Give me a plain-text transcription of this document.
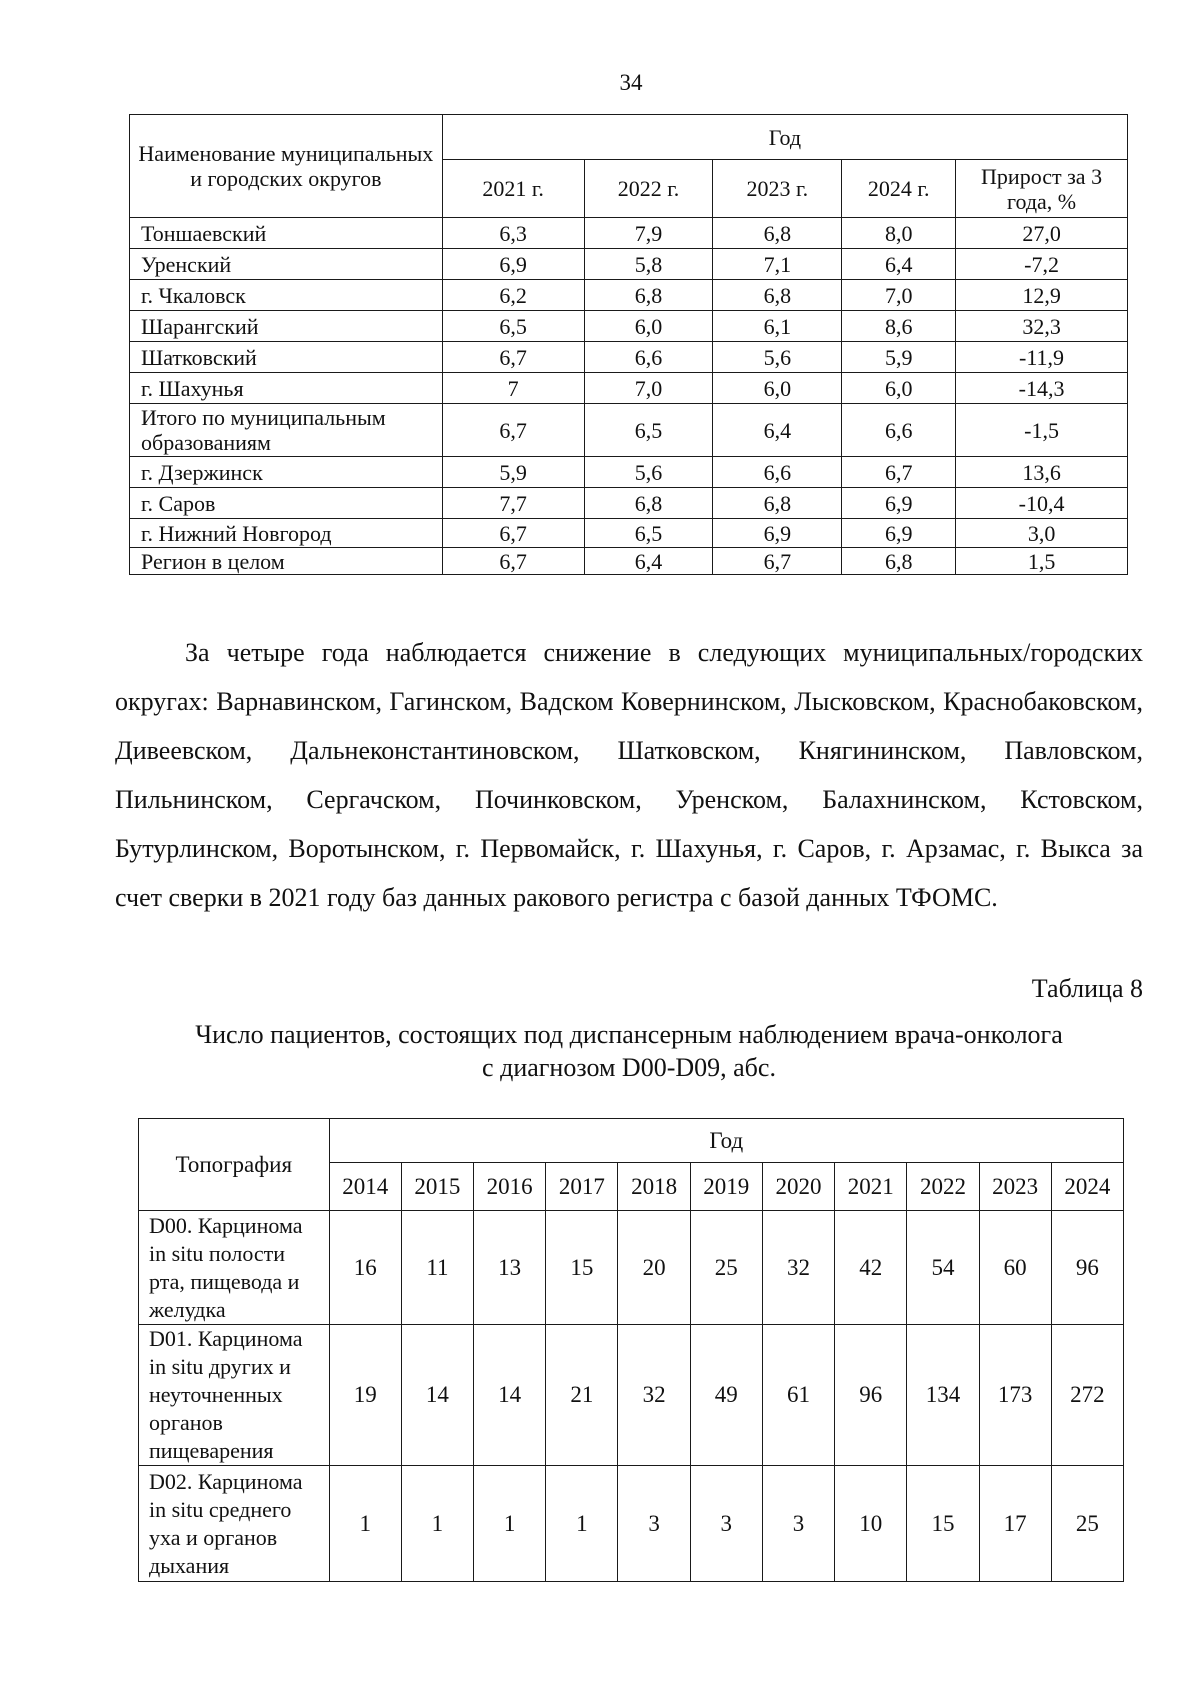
34
Наименование муниципальных и городских округов	Год				
	2021 г.	2022 г.	2023 г.	2024 г.	Прирост за 3 года, %
Тоншаевский	6,3	7,9	6,8	8,0	27,0
Уренский	6,9	5,8	7,1	6,4	-7,2
г. Чкаловск	6,2	6,8	6,8	7,0	12,9
Шарангский	6,5	6,0	6,1	8,6	32,3
Шатковский	6,7	6,6	5,6	5,9	-11,9
г. Шахунья	7	7,0	6,0	6,0	-14,3
Итого по муниципальным образованиям	6,7	6,5	6,4	6,6	-1,5
г. Дзержинск	5,9	5,6	6,6	6,7	13,6
г. Саров	7,7	6,8	6,8	6,9	-10,4
г. Нижний Новгород	6,7	6,5	6,9	6,9	3,0
Регион в целом	6,7	6,4	6,7	6,8	1,5

За четыре года наблюдается снижение в следующих муниципальных/городских округах: Варнавинском, Гагинском, Вадском Ковернинском, Лысковском, Краснобаковском, Дивеевском, Дальнеконстантиновском, Шатковском, Княгининском, Павловском, Пильнинском, Сергачском, Починковском, Уренском, Балахнинском, Кстовском, Бутурлинском, Воротынском, г. Первомайск, г. Шахунья, г. Саров, г. Арзамас, г. Выкса за счет сверки в 2021 году баз данных ракового регистра с базой данных ТФОМС.

Таблица 8
Число пациентов, состоящих под диспансерным наблюдением врача-онколога
с диагнозом D00-D09, абс.
Топография	Год										
	2014	2015	2016	2017	2018	2019	2020	2021	2022	2023	2024
D00. Карцинома in situ полости рта, пищевода и желудка	16	11	13	15	20	25	32	42	54	60	96
D01. Карцинома in situ других и неуточненных органов пищеварения	19	14	14	21	32	49	61	96	134	173	272
D02. Карцинома in situ среднего уха и органов дыхания	1	1	1	1	3	3	3	10	15	17	25
